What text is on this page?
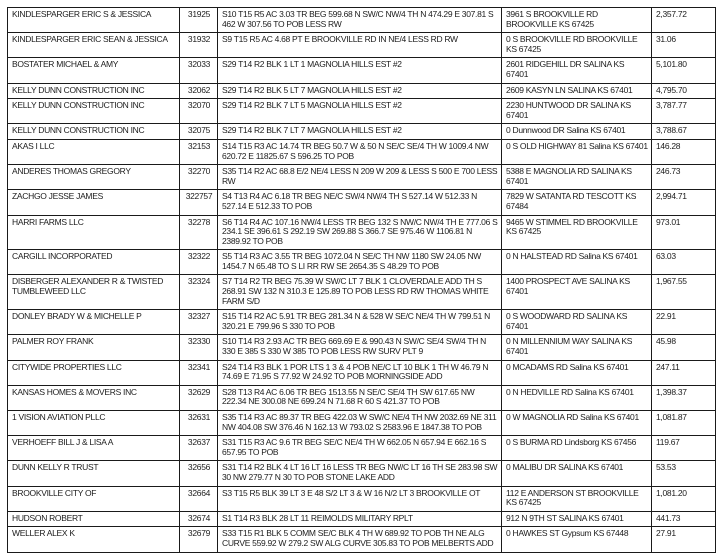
KINDLESPARGER ERIC S & JESSICA	31925	S10 T15 R5 AC 3.03 TR BEG 599.68 N SW/C NW/4 TH N 474.29 E 307.81 S 462 W 307.56 TO POB LESS RW	3961 S BROOKVILLE RD BROOKVILLE KS 67425	2,357.72
KINDLESPARGER ERIC SEAN & JESSICA	31932	S9 T15 R5 AC 4.68 PT E BROOKVILLE RD IN NE/4 LESS RD RW	0 S BROOKVILLE RD BROOKVILLE KS 67425	31.06
BOSTATER MICHAEL & AMY	32033	S29 T14 R2 BLK 1 LT 1 MAGNOLIA HILLS EST #2	2601 RIDGEHILL DR SALINA KS 67401	5,101.80
KELLY DUNN CONSTRUCTION INC	32062	S29 T14 R2 BLK 5 LT 7 MAGNOLIA HILLS EST #2	2609 KASYN LN SALINA KS 67401	4,795.70
KELLY DUNN CONSTRUCTION INC	32070	S29 T14 R2 BLK 7 LT 5 MAGNOLIA HILLS EST #2	2230 HUNTWOOD DR SALINA KS 67401	3,787.77
KELLY DUNN CONSTRUCTION INC	32075	S29 T14 R2 BLK 7 LT 7 MAGNOLIA HILLS EST #2	0 Dunnwood DR Salina KS 67401	3,788.67
AKAS I LLC	32153	S14 T15 R3 AC 14.74 TR BEG 50.7 W & 50 N SE/C SE/4 TH W 1009.4 NW 620.72 E 11825.67 S 596.25 TO POB	0 S OLD HIGHWAY 81 Salina KS 67401	146.28
ANDERES THOMAS GREGORY	32270	S35 T14 R2 AC 68.8 E/2 NE/4 LESS N 209 W 209 & LESS S 500 E 700 LESS RW	5388 E MAGNOLIA RD SALINA KS 67401	246.73
ZACHGO JESSE JAMES	322757	S4 T13 R4 AC 6.18 TR BEG NE/C SW/4 NW/4 TH S 527.14 W 512.33 N 527.14 E 512.33 TO POB	7829 W SATANTA RD TESCOTT KS 67484	2,994.71
HARRI FARMS LLC	32278	S6 T14 R4 AC 107.16 NW/4 LESS TR BEG 132 S NW/C NW/4 TH E 777.06 S 234.1 SE 396.61 S 292.19 SW 269.88 S 366.7 SE 975.46 W 1106.81 N 2389.92 TO POB	9465 W STIMMEL RD BROOKVILLE KS 67425	973.01
CARGILL INCORPORATED	32322	S5 T14 R3 AC 3.55 TR BEG 1072.04 N SE/C TH NW 1180 SW 24.05 NW 1454.7 N 65.48 TO S LI RR RW SE 2654.35 S 48.29 TO POB	0 N HALSTEAD RD Salina KS 67401	63.03
DISBERGER ALEXANDER R & TWISTED TUMBLEWEED LLC	32324	S7 T14 R2 TR BEG 75.39 W SW/C LT 7 BLK 1 CLOVERDALE ADD TH S 268.91 SW 132 N 310.3 E 125.89 TO POB LESS RD RW THOMAS WHITE FARM S/D	1400 PROSPECT AVE SALINA KS 67401	1,967.55
DONLEY BRADY W & MICHELLE P	32327	S15 T14 R2 AC 5.91 TR BEG 281.34 N & 528 W SE/C NE/4 TH W 799.51 N 320.21 E 799.96 S 330 TO POB	0 S WOODWARD RD SALINA KS 67401	22.91
PALMER ROY FRANK	32330	S10 T14 R3 2.93 AC TR BEG 669.69 E & 990.43 N SW/C SE/4 SW/4 TH N 330 E 385 S 330 W 385 TO POB LESS RW SURV PLT 9	0 N MILLENNIUM WAY SALINA KS 67401	45.98
CITYWIDE PROPERTIES LLC	32341	S24 T14 R3 BLK 1 POR LTS 1 3 & 4 POB NE/C LT 10 BLK 1 TH W 46.79 N 74.69 E 71.95 S 77.92 W 24.92 TO POB MORNINGSIDE ADD	0 MCADAMS RD Salina KS 67401	247.11
KANSAS HOMES & MOVERS INC	32629	S28 T13 R4 AC 6.06 TR BEG 1513.55 N SE/C SE/4 TH SW 617.65 NW 222.34 NE 300.08 NE 699.24 N 71.68 R 60 S 421.37 TO POB	0 N HEDVILLE RD Salina KS 67401	1,398.37
1 VISION AVIATION PLLC	32631	S35 T14 R3 AC 89.37 TR BEG 422.03 W SW/C NE/4 TH NW 2032.69 NE 311 NW 404.08 SW 376.46 N 162.13 W 793.02 S 2583.96 E 1847.38 TO POB	0 W MAGNOLIA RD Salina KS 67401	1,081.87
VERHOEFF BILL J & LISA A	32637	S31 T15 R3 AC 9.6 TR BEG SE/C NE/4 TH W 662.05 N 657.94 E 662.16 S 657.95 TO POB	0 S BURMA RD Lindsborg KS 67456	119.67
DUNN KELLY R TRUST	32656	S31 T14 R2 BLK 4 LT 16 LT 16 LESS TR BEG NW/C LT 16 TH SE 283.98 SW 30 NW 279.77 N 30 TO POB STONE LAKE ADD	0 MALIBU DR SALINA KS 67401	53.53
BROOKVILLE CITY OF	32664	S3 T15 R5 BLK 39 LT 3 E 48 S/2 LT 3 & W 16 N/2 LT 3 BROOKVILLE OT	112 E ANDERSON ST BROOKVILLE KS 67425	1,081.20
HUDSON ROBERT	32674	S1 T14 R3 BLK 28 LT 11 REIMOLDS MILITARY RPLT	912 N 9TH ST SALINA KS 67401	441.73
WELLER ALEX K	32679	S33 T15 R1 BLK 5 COMM SE/C BLK 4 TH W 689.92 TO POB TH NE ALG CURVE 559.92 W 279.2 SW ALG CURVE 305.83 TO POB MELBERTS ADD	0 HAWKES ST Gypsum KS 67448	27.91
